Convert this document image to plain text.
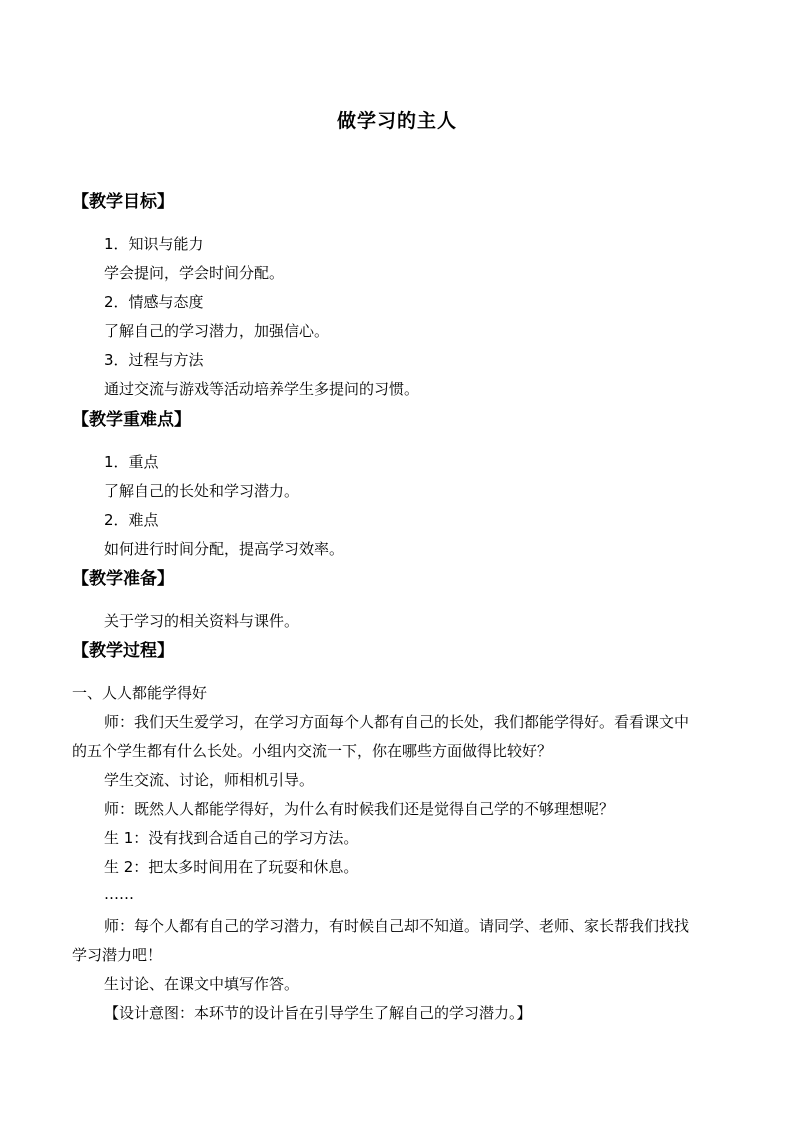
做学习的主人
【教学目标】
1．知识与能力
学会提问，学会时间分配。
2．情感与态度
了解自己的学习潜力，加强信心。
3．过程与方法
通过交流与游戏等活动培养学生多提问的习惯。
【教学重难点】
1．重点
了解自己的长处和学习潜力。
2．难点
如何进行时间分配，提高学习效率。
【教学准备】
关于学习的相关资料与课件。
【教学过程】
一、人人都能学得好
师：我们天生爱学习，在学习方面每个人都有自己的长处，我们都能学得好。看看课文中
的五个学生都有什么长处。小组内交流一下，你在哪些方面做得比较好？
学生交流、讨论，师相机引导。
师：既然人人都能学得好，为什么有时候我们还是觉得自己学的不够理想呢？
生 1：没有找到合适自己的学习方法。
生 2：把太多时间用在了玩耍和休息。
……
师：每个人都有自己的学习潜力，有时候自己却不知道。请同学、老师、家长帮我们找找
学习潜力吧！
生讨论、在课文中填写作答。
【设计意图：本环节的设计旨在引导学生了解自己的学习潜力。】
